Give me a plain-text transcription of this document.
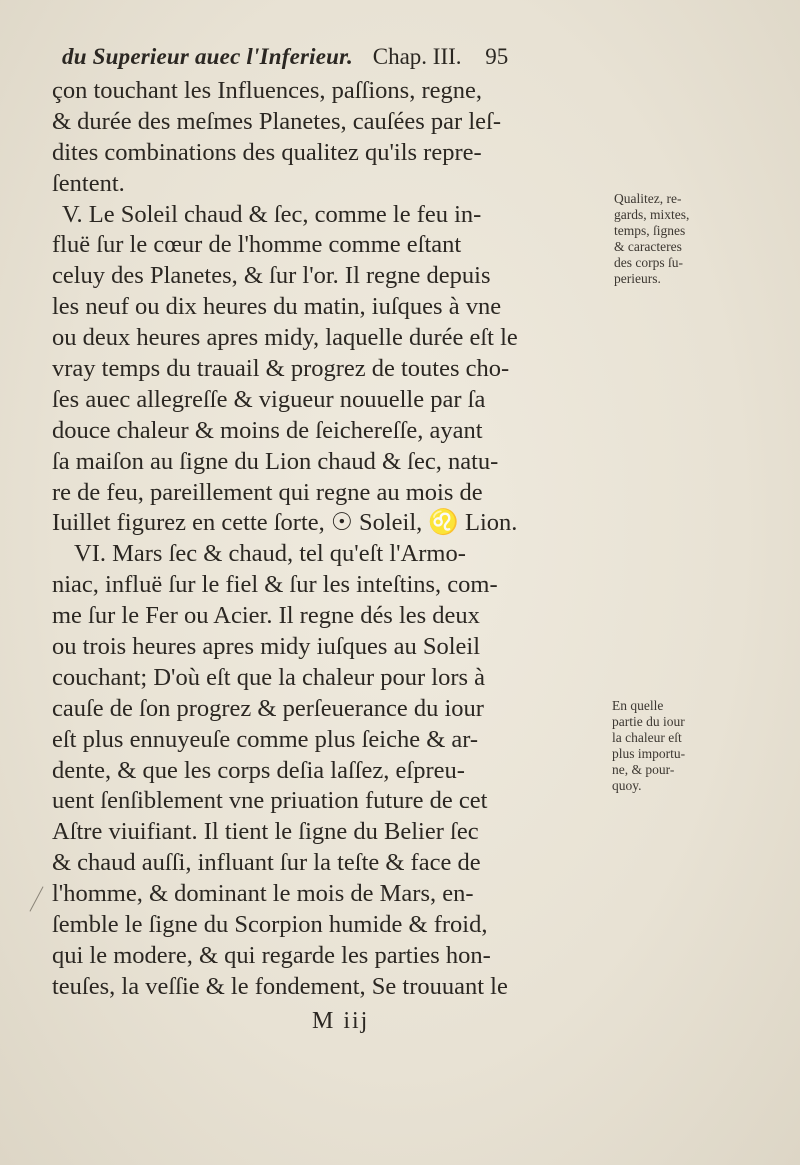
du Superieur auec l'Inferieur. Chap. III. 95
çon touchant les Influences, paſſions, regne,
& durée des meſmes Planetes, cauſées par leſ-
dites combinations des qualitez qu'ils repre-
ſentent.
V. Le Soleil chaud & ſec, comme le feu in-
fluë ſur le cœur de l'homme comme eſtant
celuy des Planetes, & ſur l'or. Il regne depuis
les neuf ou dix heures du matin, iuſques à vne
ou deux heures apres midy, laquelle durée eſt le
vray temps du trauail & progrez de toutes cho-
ſes auec allegreſſe & vigueur nouuelle par ſa
douce chaleur & moins de ſeichereſſe, ayant
ſa maiſon au ſigne du Lion chaud & ſec, natu-
re de feu, pareillement qui regne au mois de
Iuillet figurez en cette ſorte, ☉ Soleil, ♌ Lion.
VI. Mars ſec & chaud, tel qu'eſt l'Armo-
niac, influë ſur le fiel & ſur les inteſtins, com-
me ſur le Fer ou Acier. Il regne dés les deux
ou trois heures apres midy iuſques au Soleil
couchant; D'où eſt que la chaleur pour lors à
cauſe de ſon progrez & perſeuerance du iour
eſt plus ennuyeuſe comme plus ſeiche & ar-
dente, & que les corps deſia laſſez, eſpreu-
uent ſenſiblement vne priuation future de cet
Aſtre viuifiant. Il tient le ſigne du Belier ſec
& chaud auſſi, influant ſur la teſte & face de
l'homme, & dominant le mois de Mars, en-
ſemble le ſigne du Scorpion humide & froid,
qui le modere, & qui regarde les parties hon-
teuſes, la veſſie & le fondement, Se trouuant le
Qualitez, re-
gards, mixtes,
temps, ſignes
& caracteres
des corps ſu-
perieurs.
En quelle
partie du iour
la chaleur eſt
plus importu-
ne, & pour-
quoy.
M iij
